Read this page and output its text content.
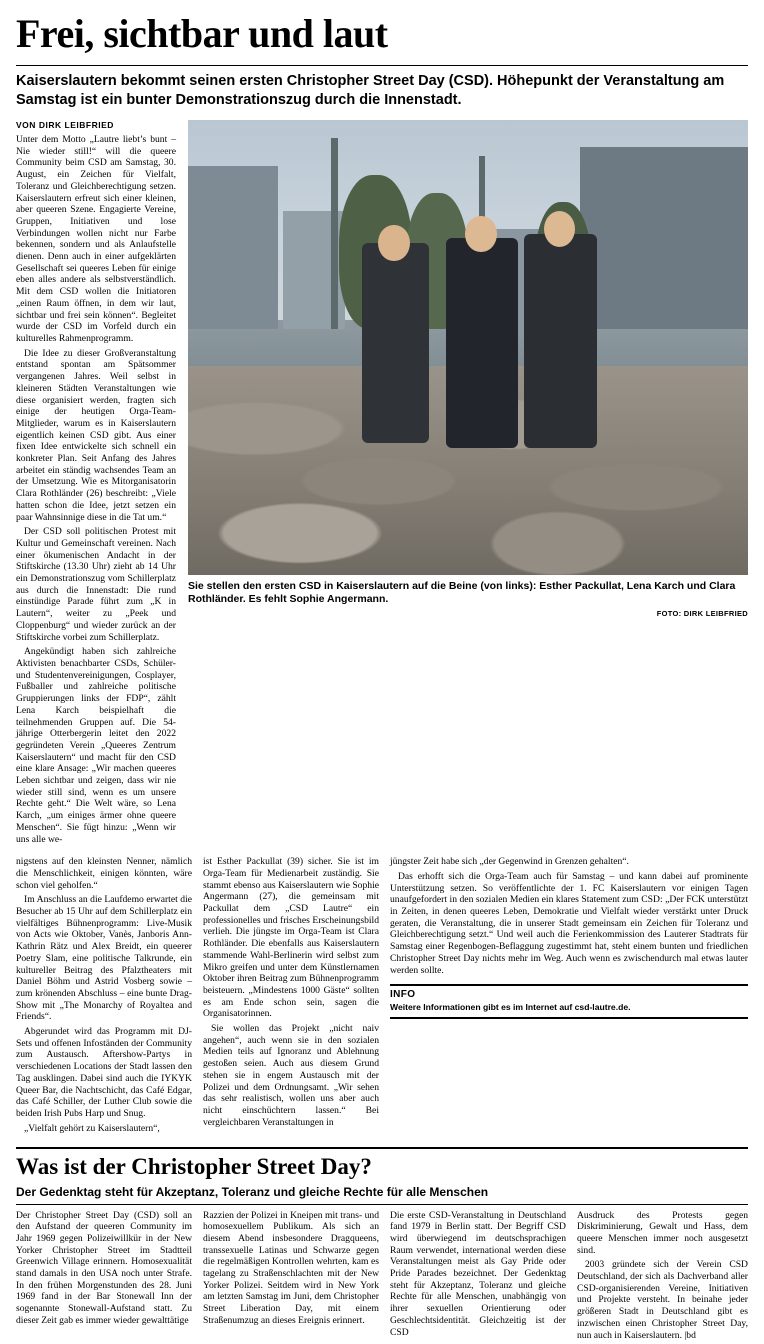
Frei, sichtbar und laut
Kaiserslautern bekommt seinen ersten Christopher Street Day (CSD). Höhepunkt der Veranstaltung am Samstag ist ein bunter Demonstrationszug durch die Innenstadt.
VON DIRK LEIBFRIED

Unter dem Motto „Lautre liebt’s bunt – Nie wieder still!“ will die queere Community beim CSD am Samstag, 30. August, ein Zeichen für Vielfalt, Toleranz und Gleichberechtigung setzen. Kaiserslautern erfreut sich einer kleinen, aber queeren Szene. Engagierte Vereine, Gruppen, Initiativen und lose Verbindungen wollen nicht nur Farbe bekennen, sondern und als Anlaufstelle dienen. Denn auch in einer aufgeklärten Gesellschaft sei queeres Leben für einige eben alles andere als selbstverständlich. Mit dem CSD wollen die Initiatoren „einen Raum öffnen, in dem wir laut, sichtbar und frei sein können“. Begleitet wurde der CSD im Vorfeld durch ein kulturelles Rahmenprogramm.

Die Idee zu dieser Großveranstaltung entstand spontan am Spätsommer vergangenen Jahres. Weil selbst in kleineren Städten Veranstaltungen wie diese organisiert werden, fragten sich einige der heutigen Orga-Team-Mitglieder, warum es in Kaiserslautern eigentlich keinen CSD gibt. Aus einer fixen Idee entwickelte sich schnell ein konkreter Plan. Seit Anfang des Jahres arbeitet ein ständig wachsendes Team an der Umsetzung. Wie es Mitorganisatorin Clara Rothländer (26) beschreibt: „Viele hatten schon die Idee, jetzt setzen ein paar Wahnsinnige diese in die Tat um.“

Der CSD soll politischen Protest mit Kultur und Gemeinschaft vereinen. Nach einer ökumenischen Andacht in der Stiftskirche (13.30 Uhr) zieht ab 14 Uhr ein Demonstrationszug vom Schillerplatz aus durch die Innenstadt: Die rund einstündige Parade führt zum „K in Lautern“, weiter zu „Peek und Cloppenburg“ und wieder zurück an der Stiftskirche vorbei zum Schillerplatz.

Angekündigt haben sich zahlreiche Aktivisten benachbarter CSDs, Schüler- und Studentenvereinigungen, Cosplayer, Fußballer und zahlreiche politische Gruppierungen links der FDP“, zählt Lena Karch beispielhaft die teilnehmenden Gruppen auf. Die 54-jährige Otterbergerin leitet den 2022 gegründeten Verein „Queeres Zentrum Kaiserslautern“ und macht für den CSD eine klare Ansage: „Wir machen queeres Leben sichtbar und zeigen, dass wir nie wieder still sind, wenn es um unsere Rechte geht.“ Die Welt wäre, so Lena Karch, „um einiges ärmer ohne queere Menschen“. Sie fügt hinzu: „Wenn wir uns alle we-

Sie stellen den ersten CSD in Kaiserslautern auf die Beine (von links): Esther Packullat, Lena Karch und Clara Rothländer. Es fehlt Sophie Angermann.
FOTO: DIRK LEIBFRIED

nigstens auf den kleinsten Nenner, nämlich die Menschlichkeit, einigen könnten, wäre schon viel geholfen.“

Im Anschluss an die Laufdemo erwartet die Besucher ab 15 Uhr auf dem Schillerplatz ein vielfältiges Bühnenprogramm: Live-Musik von Acts wie Oktober, Vanès, Janboris Ann-Kathrin Rätz und Alex Breidt, ein queerer Poetry Slam, eine politische Talkrunde, ein kultureller Beitrag des Pfalztheaters mit Daniel Böhm und Astrid Vosberg sowie – zum krönenden Abschluss – eine bunte Drag-Show mit „The Monarchy of Royaltea and Friends“.

Abgerundet wird das Programm mit DJ-Sets und offenen Infoständen der Community zum Austausch. Aftershow-Partys in verschiedenen Locations der Stadt lassen den Tag ausklingen. Dabei sind auch die IYKYK Queer Bar, die Nachtschicht, das Café Edgar, das Café Schiller, der Luther Club sowie die beiden Irish Pubs Harp und Snug.

„Vielfalt gehört zu Kaiserslautern“,

ist Esther Packullat (39) sicher. Sie ist im Orga-Team für Medienarbeit zuständig. Sie stammt ebenso aus Kaiserslautern wie Sophie Angermann (27), die gemeinsam mit Packullat dem „CSD Lautre“ ein professionelles und frisches Erscheinungsbild verlieh. Die jüngste im Orga-Team ist Clara Rothländer. Die ebenfalls aus Kaiserslautern stammende Wahl-Berlinerin wird selbst zum Mikro greifen und unter dem Künstlernamen Oktober ihren Beitrag zum Bühnenprogramm beisteuern. „Mindestens 1000 Gäste“ sollten es am Ende schon sein, sagen die Organisatorinnen.

Sie wollen das Projekt „nicht naiv angehen“, auch wenn sie in den sozialen Medien teils auf Ignoranz und Ablehnung gestoßen seien. Auch aus diesem Grund stehen sie in engem Austausch mit der Polizei und dem Ordnungsamt. „Wir sehen das sehr realistisch, wollen uns aber auch nicht einschüchtern lassen.“ Bei vergleichbaren Veranstaltungen in

jüngster Zeit habe sich „der Gegenwind in Grenzen gehalten“.

Das erhofft sich die Orga-Team auch für Samstag – und kann dabei auf prominente Unterstützung setzen. So veröffentlichte der 1. FC Kaiserslautern vor einigen Tagen unaufgefordert in den sozialen Medien ein klares Statement zum CSD: „Der FCK unterstützt in Zeiten, in denen queeres Leben, Demokratie und Vielfalt wieder verstärkt unter Druck geraten, die Veranstaltung, die in unserer Stadt gemeinsam ein Zeichen für Toleranz und Gleichberechtigung setzt.“ Und weil auch die Ferienkommission des Lauterer Stadtrats für Samstag einer Regenbogen-Beflaggung zugestimmt hat, steht einem bunten und friedlichen Christopher Street Day nichts mehr im Weg. Auch wenn es zwischendurch mal etwas lauter werden sollte.

INFO
Weitere Informationen gibt es im Internet auf csd-lautre.de.
Was ist der Christopher Street Day?
Der Gedenktag steht für Akzeptanz, Toleranz und gleiche Rechte für alle Menschen

Der Christopher Street Day (CSD) soll an den Aufstand der queeren Community im Jahr 1969 gegen Polizeiwillkür in der New Yorker Christopher Street im Stadtteil Greenwich Village erinnern. Homosexualität stand damals in den USA noch unter Strafe. In den frühen Morgenstunden des 28. Juni 1969 fand in der Bar Stonewall Inn der sogenannte Stonewall-Aufstand statt. Zu dieser Zeit gab es immer wieder gewalttätige

Razzien der Polizei in Kneipen mit trans- und homosexuellem Publikum. Als sich an diesem Abend insbesondere Dragqueens, transsexuelle Latinas und Schwarze gegen die regelmäßigen Kontrollen wehrten, kam es tagelang zu Straßenschlachten mit der New Yorker Polizei. Seitdem wird in New York am letzten Samstag im Juni, dem Christopher Street Liberation Day, mit einem Straßenumzug an dieses Ereignis erinnert.

Die erste CSD-Veranstaltung in Deutschland fand 1979 in Berlin statt. Der Begriff CSD wird überwiegend im deutschsprachigen Raum verwendet, international werden diese Veranstaltungen meist als Gay Pride oder Pride Parades bezeichnet. Der Gedenktag steht für Akzeptanz, Toleranz und gleiche Rechte für alle Menschen, unabhängig von ihrer sexuellen Orientierung oder Geschlechtsidentität. Gleichzeitig ist der CSD

Ausdruck des Protests gegen Diskriminierung, Gewalt und Hass, dem queere Menschen immer noch ausgesetzt sind.

2003 gründete sich der Verein CSD Deutschland, der sich als Dachverband aller CSD-organisierenden Vereine, Initiativen und Projekte versteht. In beinahe jeder größeren Stadt in Deutschland gibt es inzwischen einen Christopher Street Day, nun auch in Kaiserslautern. |bd
